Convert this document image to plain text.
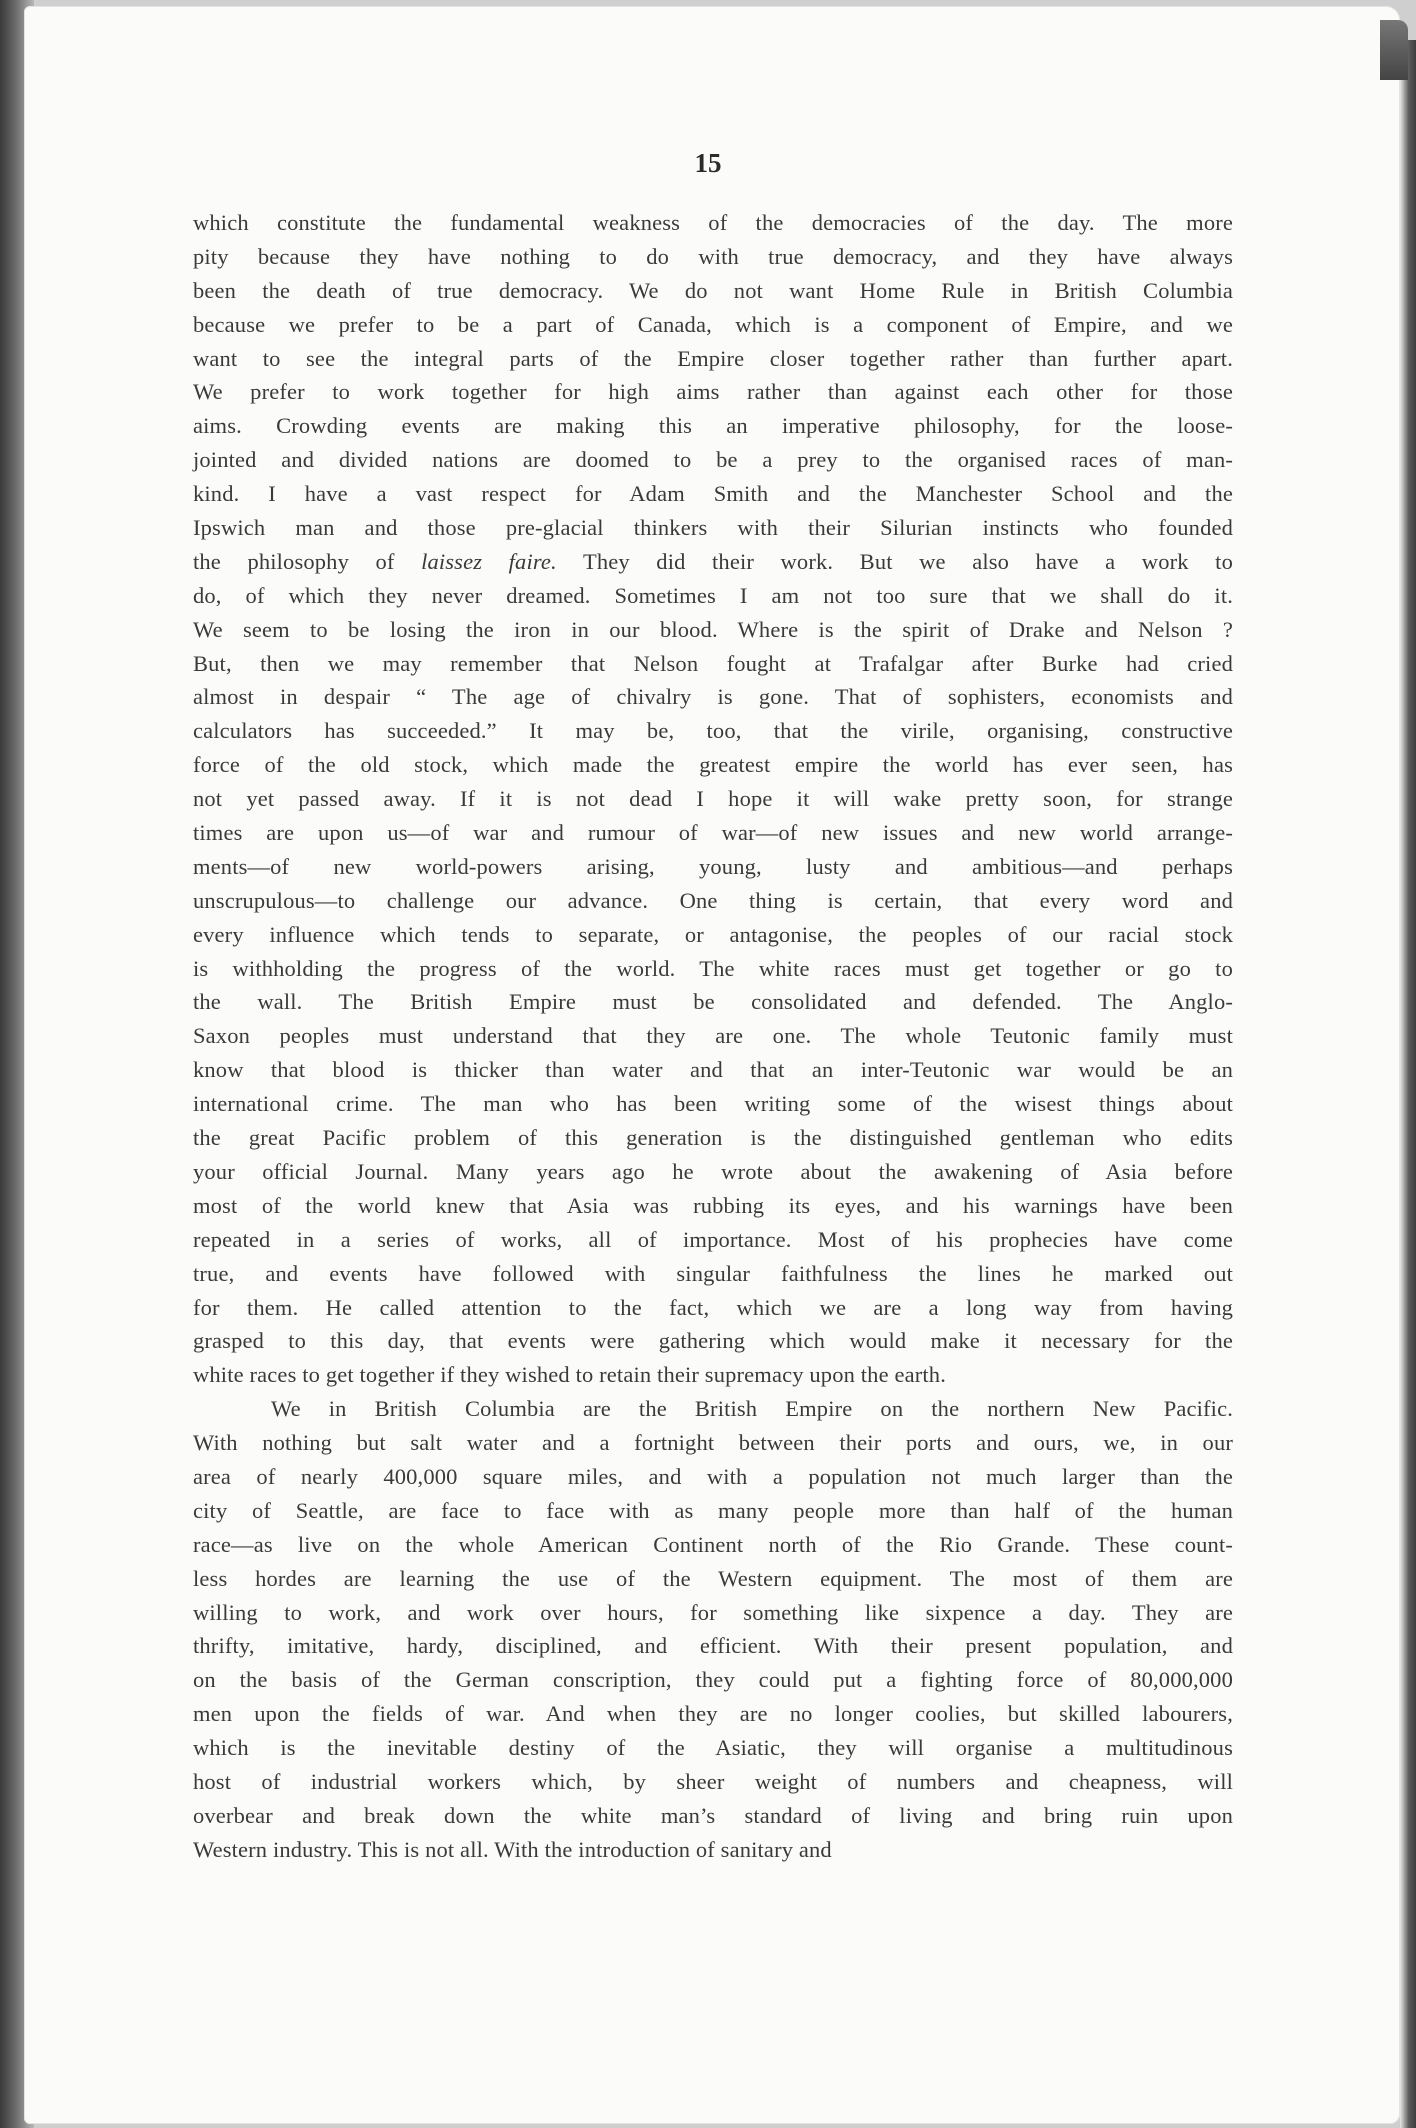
15
which constitute the fundamental weakness of the democracies of the day. The more
pity because they have nothing to do with true democracy, and they have always
been the death of true democracy. We do not want Home Rule in British Columbia
because we prefer to be a part of Canada, which is a component of Empire, and we
want to see the integral parts of the Empire closer together rather than further apart.
We prefer to work together for high aims rather than against each other for those
aims. Crowding events are making this an imperative philosophy, for the loose-
jointed and divided nations are doomed to be a prey to the organised races of man-
kind. I have a vast respect for Adam Smith and the Manchester School and the
Ipswich man and those pre-glacial thinkers with their Silurian instincts who founded
the philosophy of laissez faire. They did their work. But we also have a work to
do, of which they never dreamed. Sometimes I am not too sure that we shall do it.
We seem to be losing the iron in our blood. Where is the spirit of Drake and Nelson ?
But, then we may remember that Nelson fought at Trafalgar after Burke had cried
almost in despair “ The age of chivalry is gone. That of sophisters, economists and
calculators has succeeded.” It may be, too, that the virile, organising, constructive
force of the old stock, which made the greatest empire the world has ever seen, has
not yet passed away. If it is not dead I hope it will wake pretty soon, for strange
times are upon us—of war and rumour of war—of new issues and new world arrange-
ments—of new world-powers arising, young, lusty and ambitious—and perhaps
unscrupulous—to challenge our advance. One thing is certain, that every word and
every influence which tends to separate, or antagonise, the peoples of our racial stock
is withholding the progress of the world. The white races must get together or go to
the wall. The British Empire must be consolidated and defended. The Anglo-
Saxon peoples must understand that they are one. The whole Teutonic family must
know that blood is thicker than water and that an inter-Teutonic war would be an
international crime. The man who has been writing some of the wisest things about
the great Pacific problem of this generation is the distinguished gentleman who edits
your official Journal. Many years ago he wrote about the awakening of Asia before
most of the world knew that Asia was rubbing its eyes, and his warnings have been
repeated in a series of works, all of importance. Most of his prophecies have come
true, and events have followed with singular faithfulness the lines he marked out
for them. He called attention to the fact, which we are a long way from having
grasped to this day, that events were gathering which would make it necessary for the
white races to get together if they wished to retain their supremacy upon the earth.
We in British Columbia are the British Empire on the northern New Pacific.
With nothing but salt water and a fortnight between their ports and ours, we, in our
area of nearly 400,000 square miles, and with a population not much larger than the
city of Seattle, are face to face with as many people more than half of the human
race—as live on the whole American Continent north of the Rio Grande. These count-
less hordes are learning the use of the Western equipment. The most of them are
willing to work, and work over hours, for something like sixpence a day. They are
thrifty, imitative, hardy, disciplined, and efficient. With their present population, and
on the basis of the German conscription, they could put a fighting force of 80,000,000
men upon the fields of war. And when they are no longer coolies, but skilled labourers,
which is the inevitable destiny of the Asiatic, they will organise a multitudinous
host of industrial workers which, by sheer weight of numbers and cheapness, will
overbear and break down the white man’s standard of living and bring ruin upon
Western industry. This is not all. With the introduction of sanitary and
